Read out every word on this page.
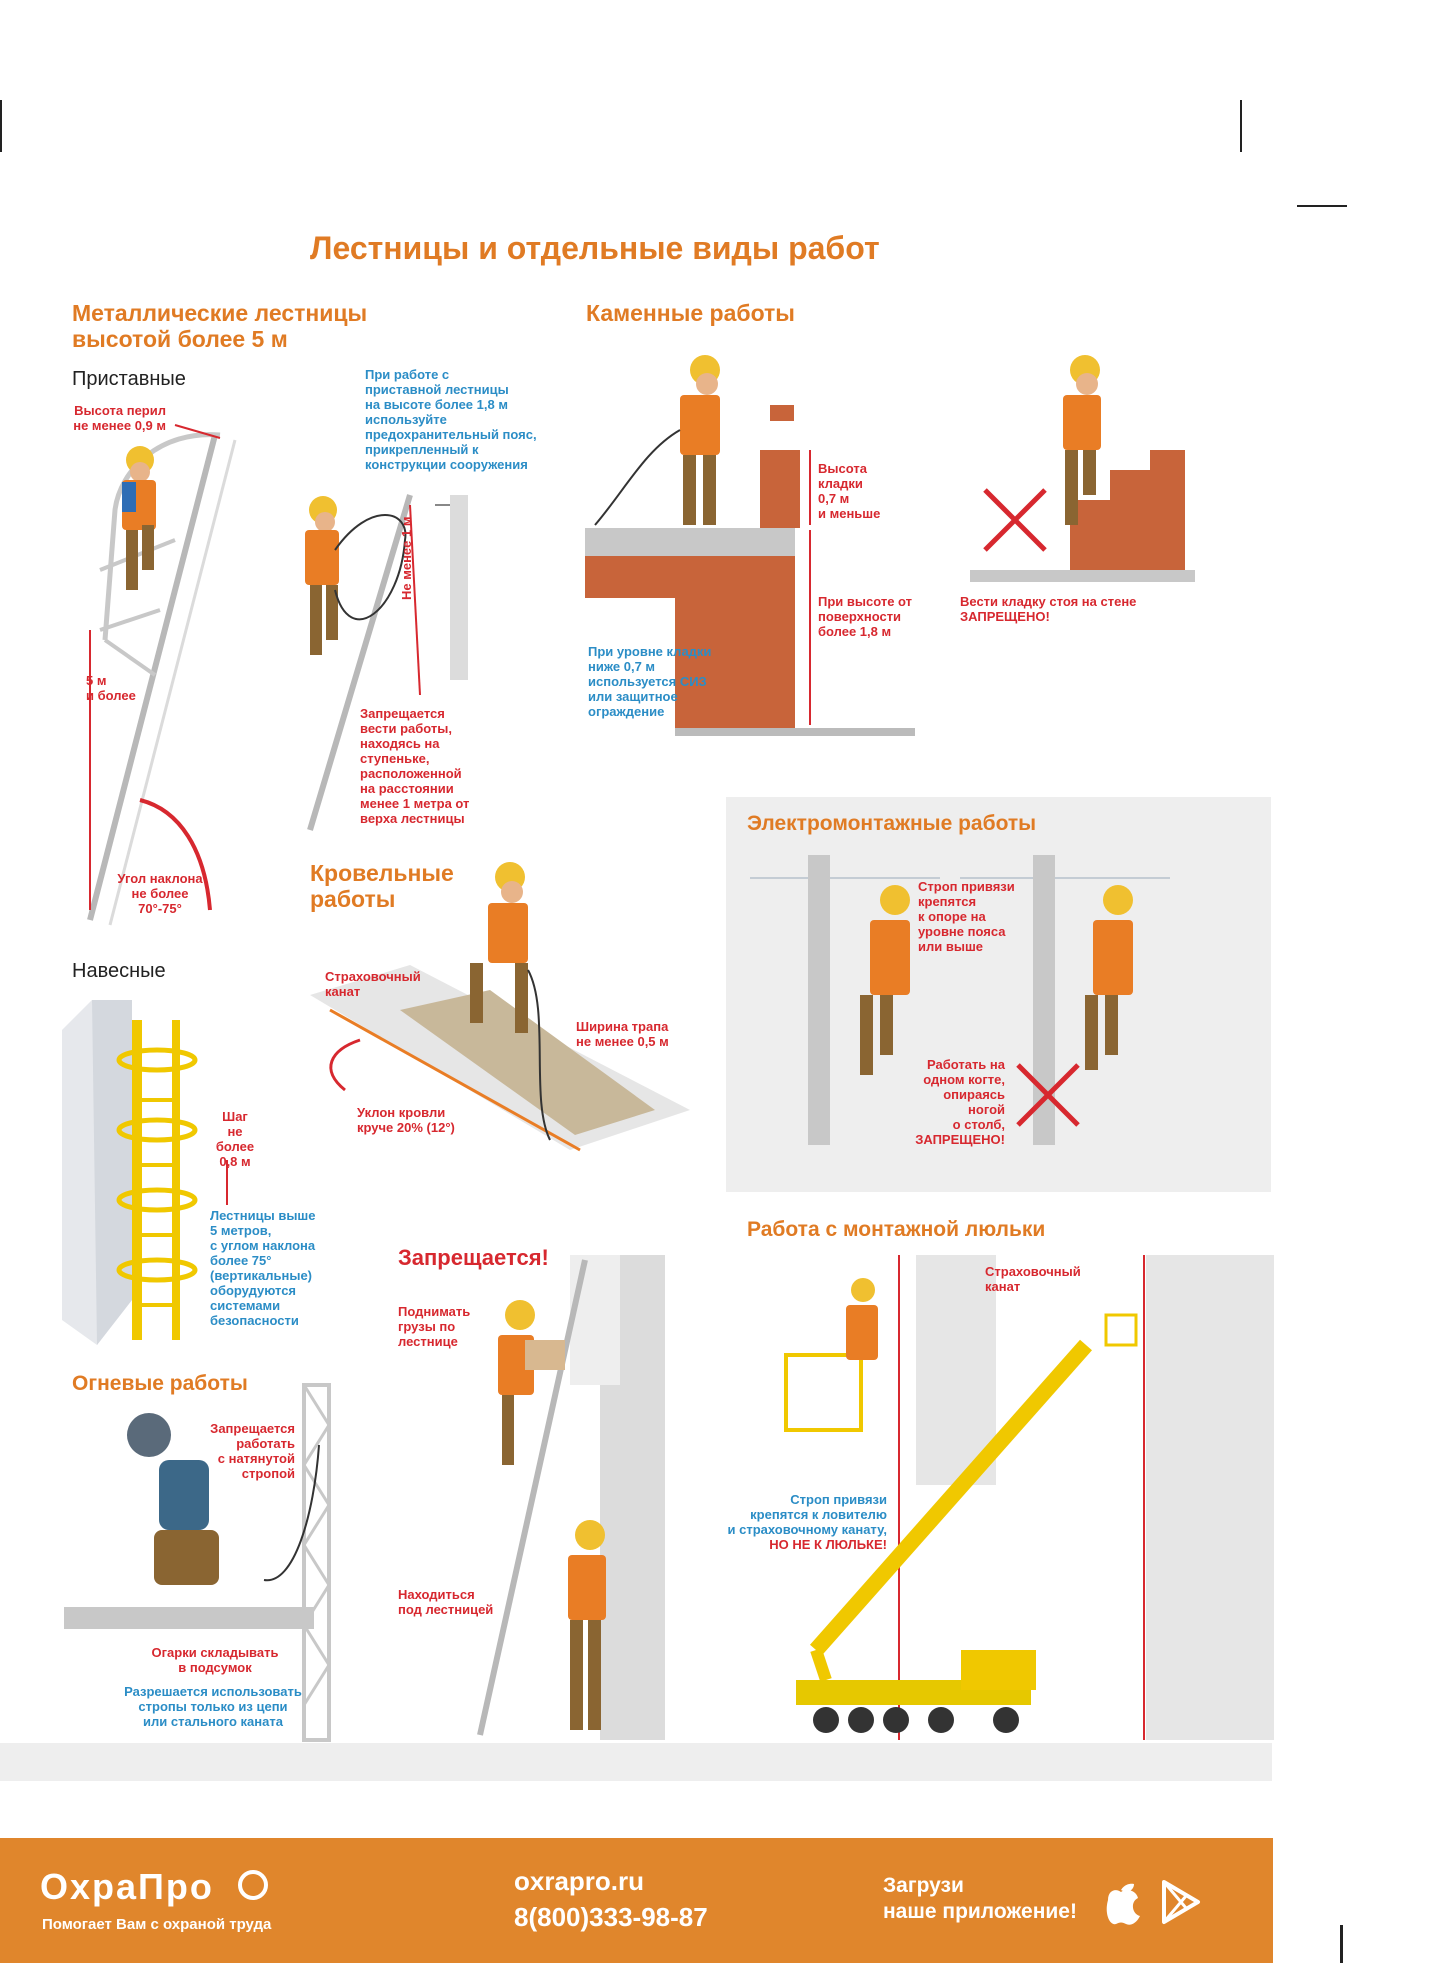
Лестницы и отдельные виды работ
Металлические лестницы
высотой более 5 м
Приставные
Высота перил
не менее 0,9 м
5 м
и более
Угол наклона
не более
70°-75°
При работе с
приставной лестницы
на высоте более 1,8 м
используйте
предохранительный пояс,
прикрепленный к
конструкции сооружения
Не менее 1 м
Запрещается
вести работы,
находясь на
ступеньке,
расположенной
на расстоянии
менее 1 метра от
верха лестницы
Навесные
Шаг
не более
0,8 м
Лестницы выше
5 метров,
с углом наклона
более 75°
(вертикальные)
оборудуются
системами
безопасности
Каменные работы
Высота
кладки
0,7 м
и меньше
При высоте от
поверхности
более 1,8 м
При уровне кладки
ниже 0,7 м
используется СИЗ
или защитное
ограждение
Вести кладку стоя на стене
ЗАПРЕЩЕНО!
Кровельные
работы
Страховочный
канат
Ширина трапа
не менее 0,5 м
Уклон кровли
круче 20% (12°)
Электромонтажные работы
Строп привязи
крепятся
к опоре на
уровне пояса
или выше
Работать на
одном когте,
опираясь ногой
о столб,
ЗАПРЕЩЕНО!
Огневые работы
Запрещается
работать
с натянутой
стропой
Огарки складывать
в подсумок
Разрешается использовать
стропы только из цепи
или стального каната
Запрещается!
Поднимать
грузы по
лестнице
Находиться
под лестницей
Работа с монтажной люльки
Страховочный
канат
Строп привязи
крепятся к ловителю
и страховочному канату,
НО НЕ К ЛЮЛЬКЕ!
ОхраПро
Помогает Вам с охраной труда
oxrapro.ru
8(800)333-98-87
Загрузи
наше приложение!
